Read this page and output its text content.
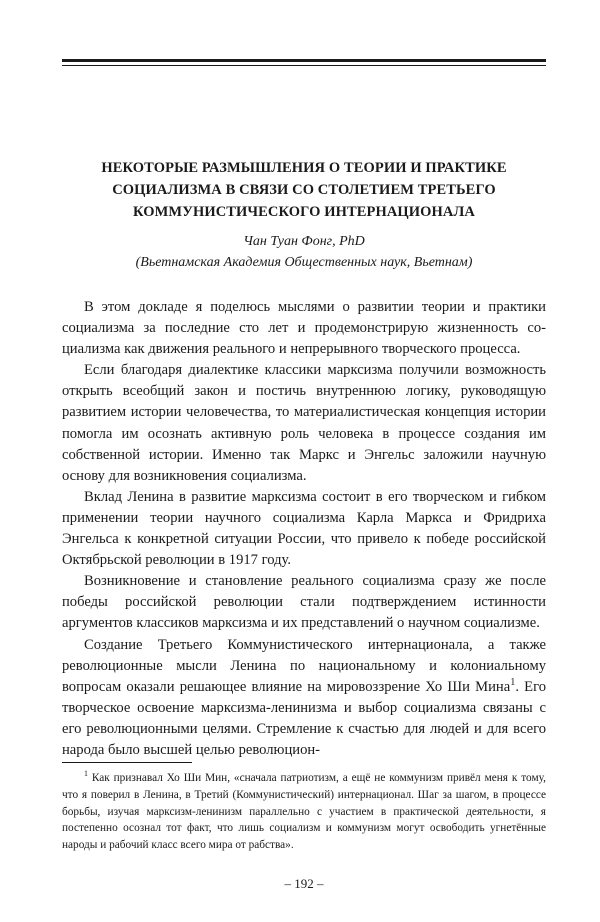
НЕКОТОРЫЕ РАЗМЫШЛЕНИЯ О ТЕОРИИ И ПРАКТИКЕ
СОЦИАЛИЗМА В СВЯЗИ СО СТОЛЕТИЕМ ТРЕТЬЕГО
КОММУНИСТИЧЕСКОГО ИНТЕРНАЦИОНАЛА
Чан Туан Фонг, PhD
(Вьетнамская Академия Общественных наук, Вьетнам)

В этом докладе я поделюсь мыслями о развитии теории и практики социализма за последние сто лет и продемонстрирую жизненность социализма как движения реального и непрерывного творческого процесса.

Если благодаря диалектике классики марксизма получили возможность открыть всеобщий закон и постичь внутреннюю логику, руководящую развитием истории человечества, то материалистическая концепция истории помогла им осознать активную роль человека в процессе создания им собственной истории. Именно так Маркс и Энгельс заложили научную основу для возникновения социализма.

Вклад Ленина в развитие марксизма состоит в его творческом и гибком применении теории научного социализма Карла Маркса и Фридриха Энгельса к конкретной ситуации России, что привело к победе российской Октябрьской революции в 1917 году.

Возникновение и становление реального социализма сразу же после победы российской революции стали подтверждением истинности аргументов классиков марксизма и их представлений о научном социализме.

Создание Третьего Коммунистического интернационала, а также революционные мысли Ленина по национальному и колониальному вопросам оказали решающее влияние на мировоззрение Хо Ши Мина$^1$. Его творческое освоение марксизма-ленинизма и выбор социализма связаны с его революционными целями. Стремление к счастью для людей и для всего народа было высшей целью революцион-

$^1$ Как признавал Хо Ши Мин, «сначала патриотизм, а ещё не коммунизм привёл меня к тому, что я поверил в Ленина, в Третий (Коммунистический) интернационал. Шаг за шагом, в процессе борьбы, изучая марксизм-ленинизм параллельно с участием в практической деятельности, я постепенно осознал тот факт, что лишь социализм и коммунизм могут освободить угнетённые народы и рабочий класс всего мира от рабства».

– 192 –
